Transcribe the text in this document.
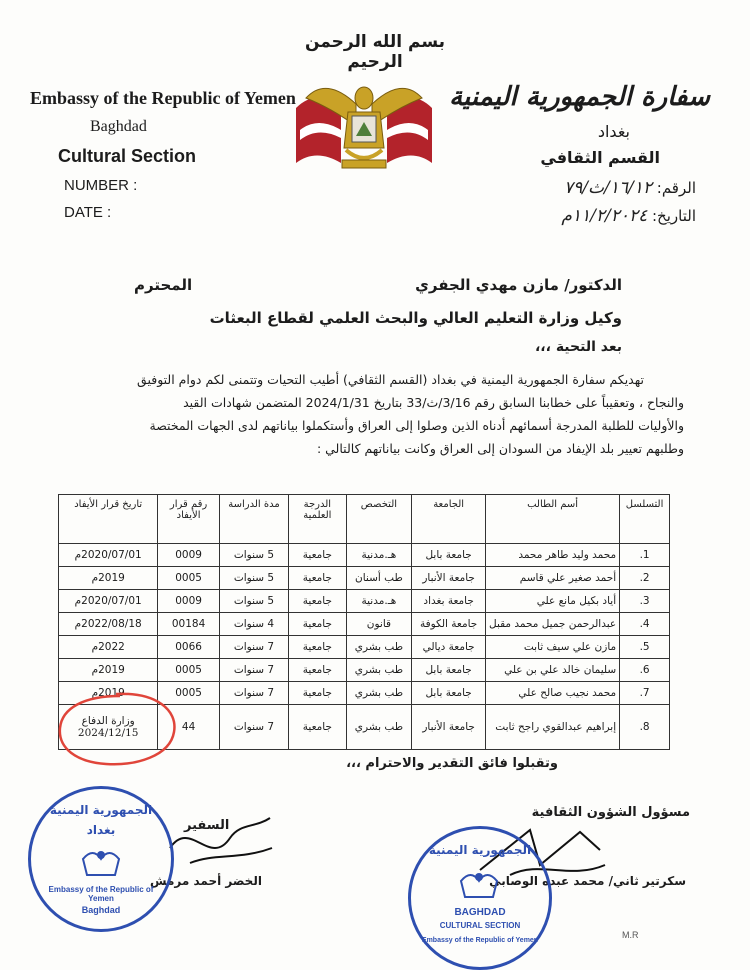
Embassy of the Republic of Yemen
Baghdad
Cultural Section
NUMBER :
DATE :
بسم الله الرحمن الرحيم
سفارة الجمهورية اليمنية
بغداد
القسم الثقافي
الرقم: ١٦/١٢/ث/٧٩
التاريخ: ١١/٢/٢٠٢٤م
الدكتور/ مازن مهدي الجفري
المحترم
وكيل وزارة التعليم العالي والبحث العلمي لقطاع البعثات
بعد التحية ،،،
تهديكم سفارة الجمهورية اليمنية في بغداد (القسم الثقافي) أطيب التحيات وتتمنى لكم دوام التوفيق
والنجاح ، وتعقيباً على خطابنا السابق رقم 3/16/ث/33 بتاريخ 2024/1/31 المتضمن شهادات القيد
والأوليات للطلبة المدرجة أسمائهم أدناه الذين وصلوا إلى العراق وأستكملوا بياناتهم لدى الجهات المختصة
وطلبهم تعيير بلد الإيفاد من السودان إلى العراق وكانت بياناتهم كالتالي :
التسلسل	أسم الطالب	الجامعة	التخصص	الدرجة العلمية	مدة الدراسة	رقم قرار الأيفاد	تاريخ قرار الأيفاد
1.	محمد وليد طاهر محمد	جامعة بابل	هـ.مدنية	جامعية	5 سنوات	0009	2020/07/01م
2.	أحمد صغير علي قاسم	جامعة الأنبار	طب أسنان	جامعية	5 سنوات	0005	2019م
3.	أياد بكيل مانع علي	جامعة بغداد	هـ.مدنية	جامعية	5 سنوات	0009	2020/07/01م
4.	عبدالرحمن جميل محمد مقبل	جامعة الكوفة	قانون	جامعية	4 سنوات	00184	2022/08/18م
5.	مازن علي سيف ثابت	جامعة ديالي	طب بشري	جامعية	7 سنوات	0066	2022م
6.	سليمان خالد علي بن علي	جامعة بابل	طب بشري	جامعية	7 سنوات	0005	2019م
7.	محمد نجيب صالح علي	جامعة بابل	طب بشري	جامعية	7 سنوات	0005	2019م
8.	إبراهيم عبدالقوي راجح ثابت	جامعة الأنبار	طب بشري	جامعية	7 سنوات	44	وزارة الدفاع 2024/12/15
وتقبلوا فائق التقدير والاحترام ،،،
مسؤول الشؤون الثقافية
سكرتير ثاني/ محمد عبده الوصابي
السفير
الخضر أحمد مرمش
الجمهورية اليمنية
بغداد
Embassy of the Republic of Yemen
Baghdad
الجمهورية اليمنية
BAGHDAD
CULTURAL SECTION
Embassy of the Republic of Yemen
M.R
